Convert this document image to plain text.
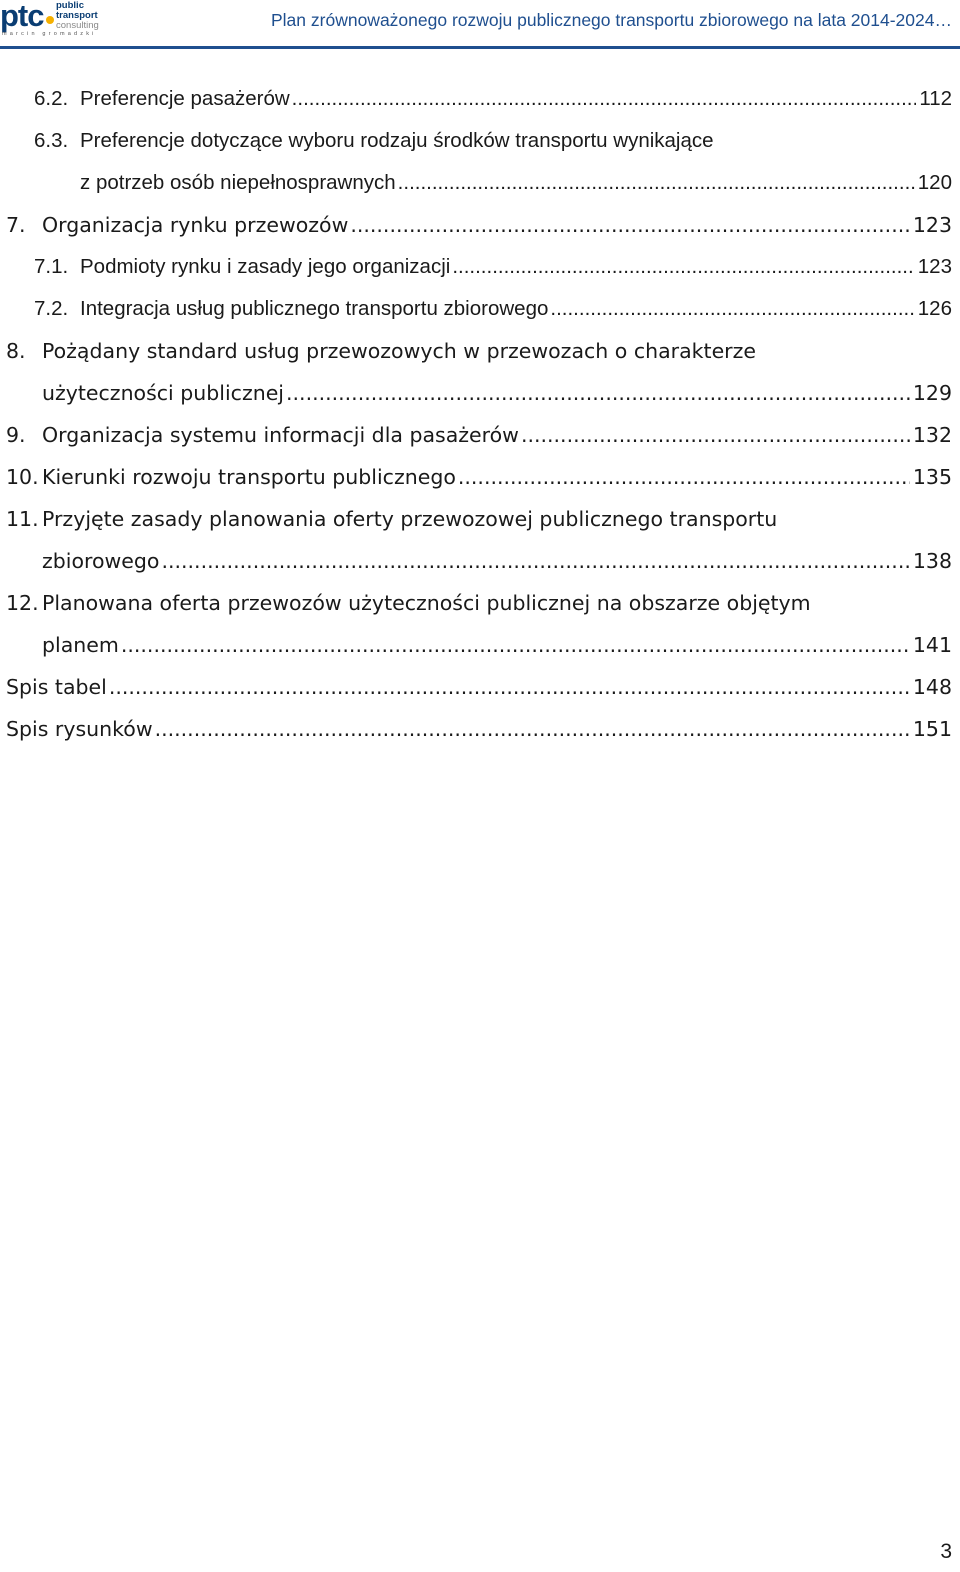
ptc public
transport
consulting
marcin gromadzki
Plan zrównoważonego rozwoju publicznego transportu zbiorowego na lata 2014-2024…
6.2. Preferencje pasażerów .....	112
6.3. Preferencje dotyczące wyboru rodzaju środków transportu wynikające
z potrzeb osób niepełnosprawnych .....	120
7. Organizacja rynku przewozów .....	123
7.1. Podmioty rynku i zasady jego organizacji .....	123
7.2. Integracja usług publicznego transportu zbiorowego .....	126
8. Pożądany standard usług przewozowych w przewozach o charakterze
użyteczności publicznej .....	129
9. Organizacja systemu informacji dla pasażerów .....	132
10. Kierunki rozwoju transportu publicznego .....	135
11. Przyjęte zasady planowania oferty przewozowej publicznego transportu
zbiorowego .....	138
12. Planowana oferta przewozów użyteczności publicznej na obszarze objętym
planem .....	141
Spis tabel .....	148
Spis rysunków .....	151
3
